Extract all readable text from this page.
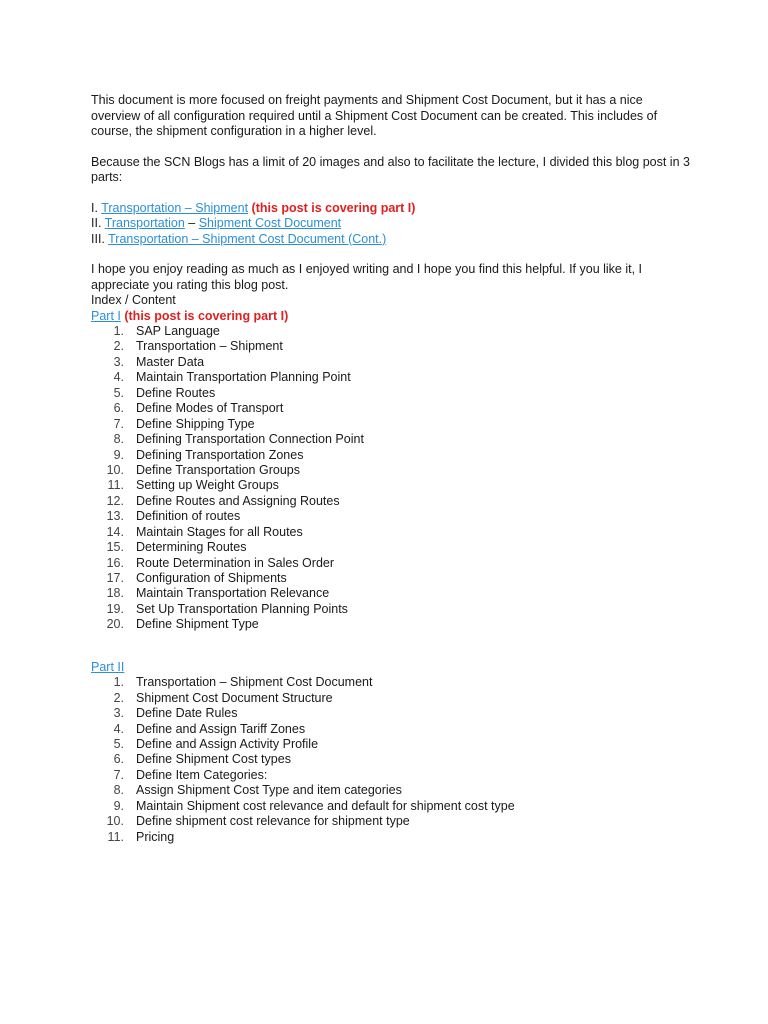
This document is more focused on freight payments and Shipment Cost Document, but it has a nice overview of all configuration required until a Shipment Cost Document can be created. This includes of course, the shipment configuration in a higher level.

Because the SCN Blogs has a limit of 20 images and also to facilitate the lecture, I divided this blog post in 3 parts:

I. Transportation – Shipment (this post is covering part I)

II. Transportation – Shipment Cost Document

III. Transportation – Shipment Cost Document (Cont.)

I hope you enjoy reading as much as I enjoyed writing and I hope you find this helpful. If you like it, I appreciate you rating this blog post.

Index / Content

Part I (this post is covering part I)

1. SAP Language
2. Transportation – Shipment
3. Master Data
4. Maintain Transportation Planning Point
5. Define Routes
6. Define Modes of Transport
7. Define Shipping Type
8. Defining Transportation Connection Point
9. Defining Transportation Zones
10. Define Transportation Groups
11. Setting up Weight Groups
12. Define Routes and Assigning Routes
13. Definition of routes
14. Maintain Stages for all Routes
15. Determining Routes
16. Route Determination in Sales Order
17. Configuration of Shipments
18. Maintain Transportation Relevance
19. Set Up Transportation Planning Points
20. Define Shipment Type

Part II

1. Transportation – Shipment Cost Document
2. Shipment Cost Document Structure
3. Define Date Rules
4. Define and Assign Tariff Zones
5. Define and Assign Activity Profile
6. Define Shipment Cost types
7. Define Item Categories:
8. Assign Shipment Cost Type and item categories
9. Maintain Shipment cost relevance and default for shipment cost type
10. Define shipment cost relevance for shipment type
11. Pricing
